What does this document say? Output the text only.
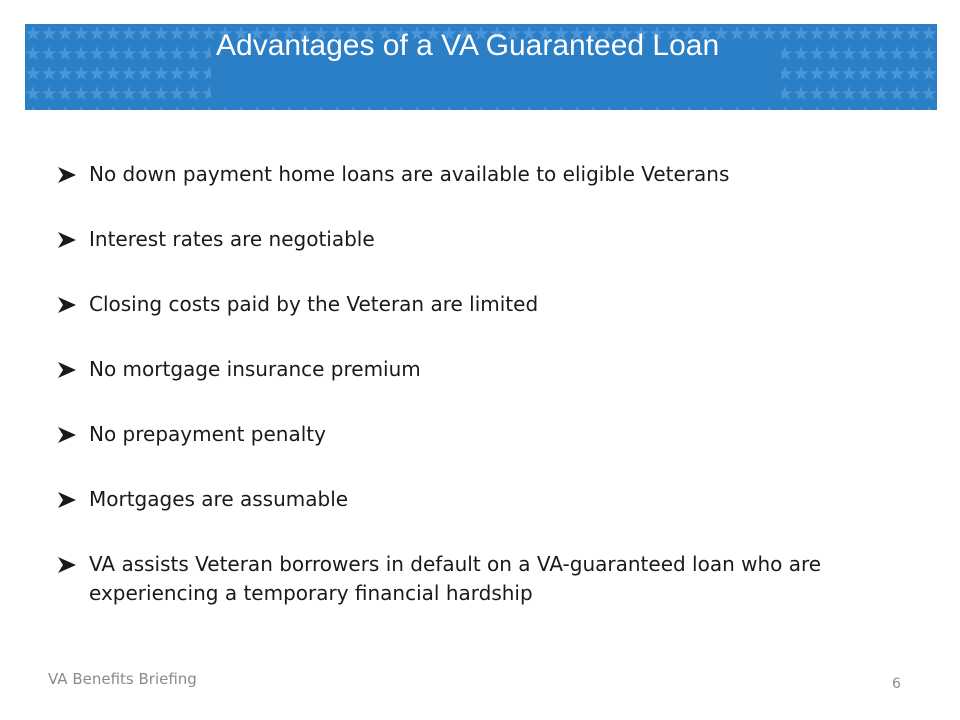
Advantages of a VA Guaranteed Loan
No down payment home loans are available to eligible Veterans
Interest rates are negotiable
Closing costs paid by the Veteran are limited
No mortgage insurance premium
No prepayment penalty
Mortgages are assumable
VA assists Veteran borrowers in default on a VA-guaranteed loan who are experiencing a temporary financial hardship
VA Benefits Briefing	6
